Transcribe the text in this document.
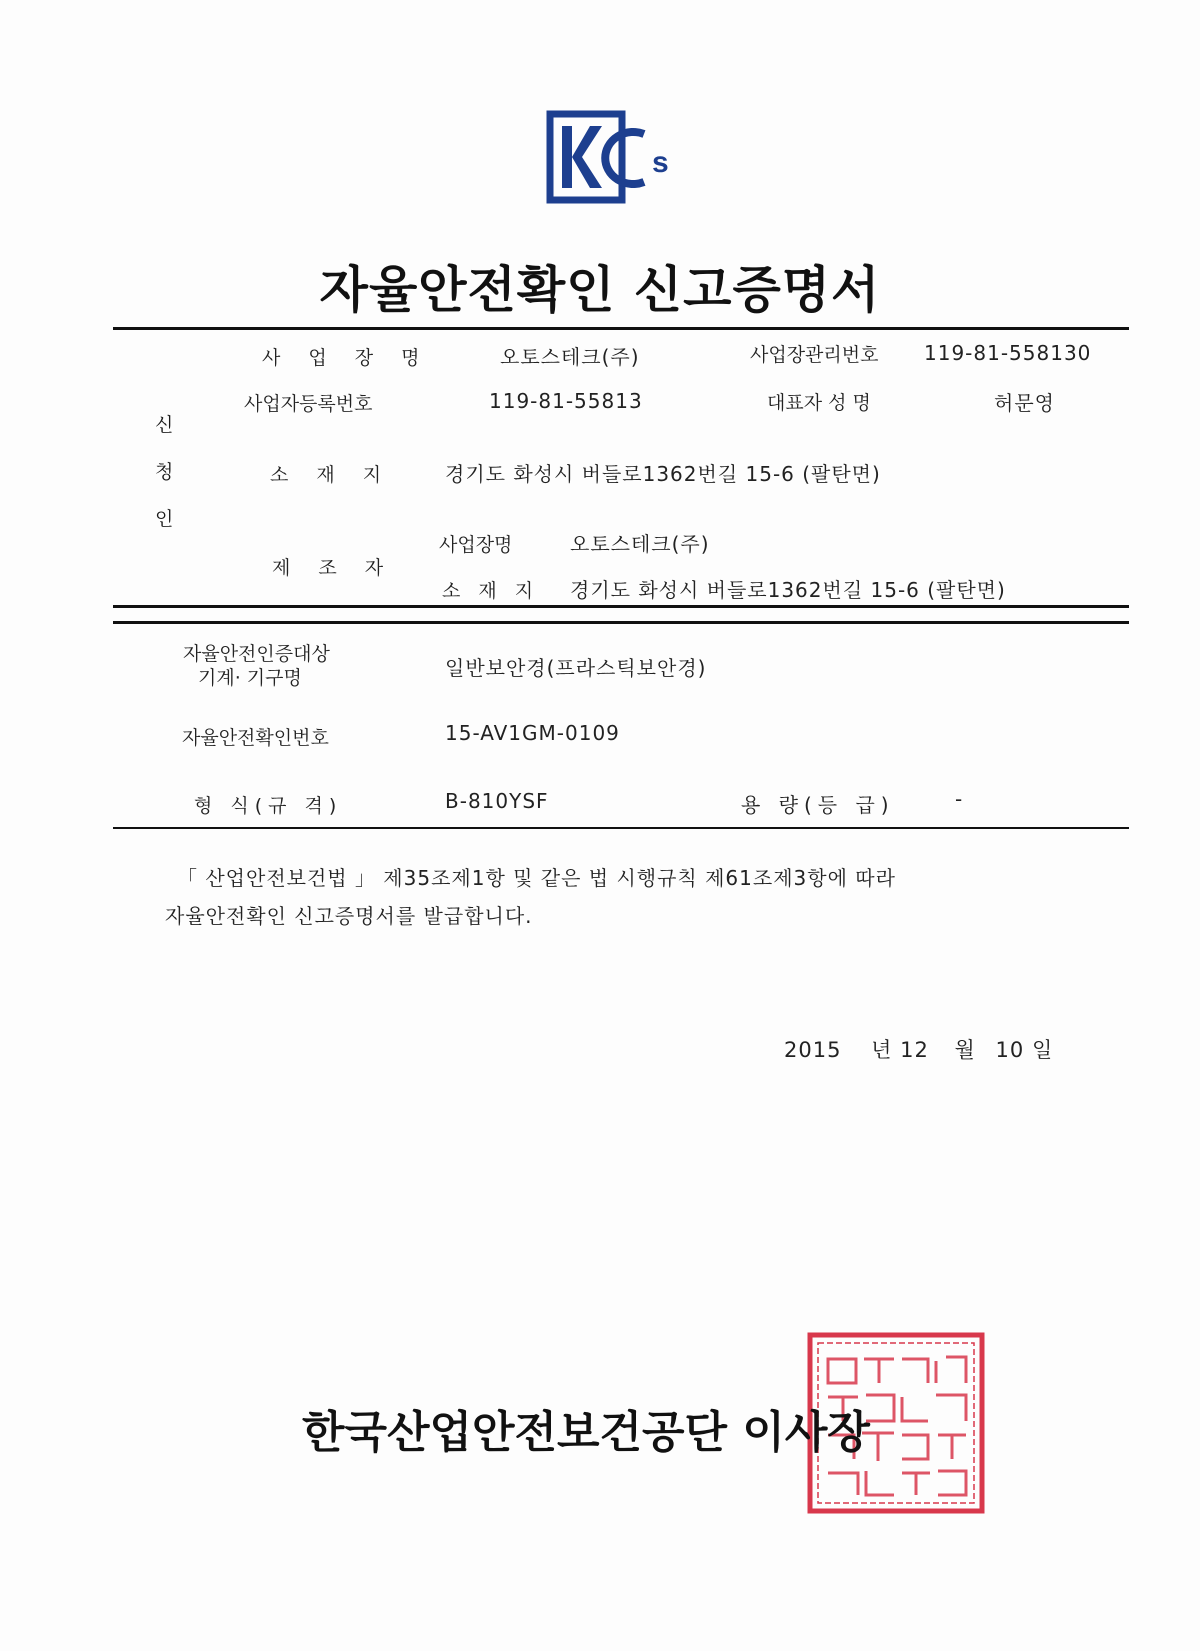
s
자율안전확인 신고증명서
신
청
인
사 업 장 명	오토스테크(주)	사업장관리번호 119-81-558130
사업자등록번호	119-81-55813	대표자 성 명	허문영
소 재 지	경기도 화성시 버들로1362번길 15-6 (팔탄면)
제 조 자
사업장명	오토스테크(주)
소 재 지 경기도 화성시 버들로1362번길 15-6 (팔탄면)
자율안전인증대상
기계· 기구명	일반보안경(프라스틱보안경)
자율안전확인번호	15-AV1GM-0109
형 식(규 격)	B-810YSF	용 량(등 급)	-
「 산업안전보건법 」 제35조제1항 및 같은 법 시행규칙 제61조제3항에 따라
자율안전확인 신고증명서를 발급합니다.
2015 년 12 월 10 일
한국산업안전보건공단 이사장
